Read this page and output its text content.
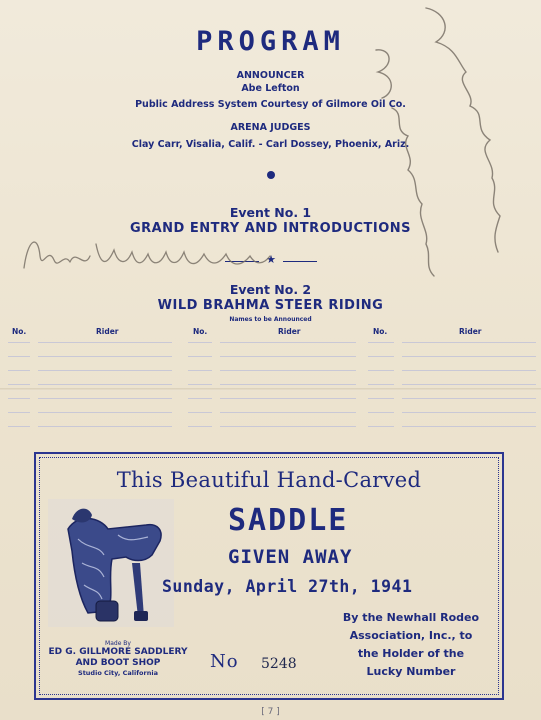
PROGRAM
ANNOUNCER
Abe Lefton
Public Address System Courtesy of Gilmore Oil Co.
ARENA JUDGES
Clay Carr, Visalia, Calif. - Carl Dossey, Phoenix, Ariz.
Event No. 1
GRAND ENTRY AND INTRODUCTIONS
★
Event No. 2
WILD BRAHMA STEER RIDING
Names to be Announced
No.	Rider	No.	Rider	No.	Rider
This Beautiful Hand-Carved
SADDLE
GIVEN AWAY
Sunday, April 27th, 1941
By the Newhall Rodeo
Association, Inc., to
the Holder of the
Lucky Number
Made By
ED G. GILLMORE SADDLERY
AND BOOT SHOP
Studio City, California
No 5248
[ 7 ]
